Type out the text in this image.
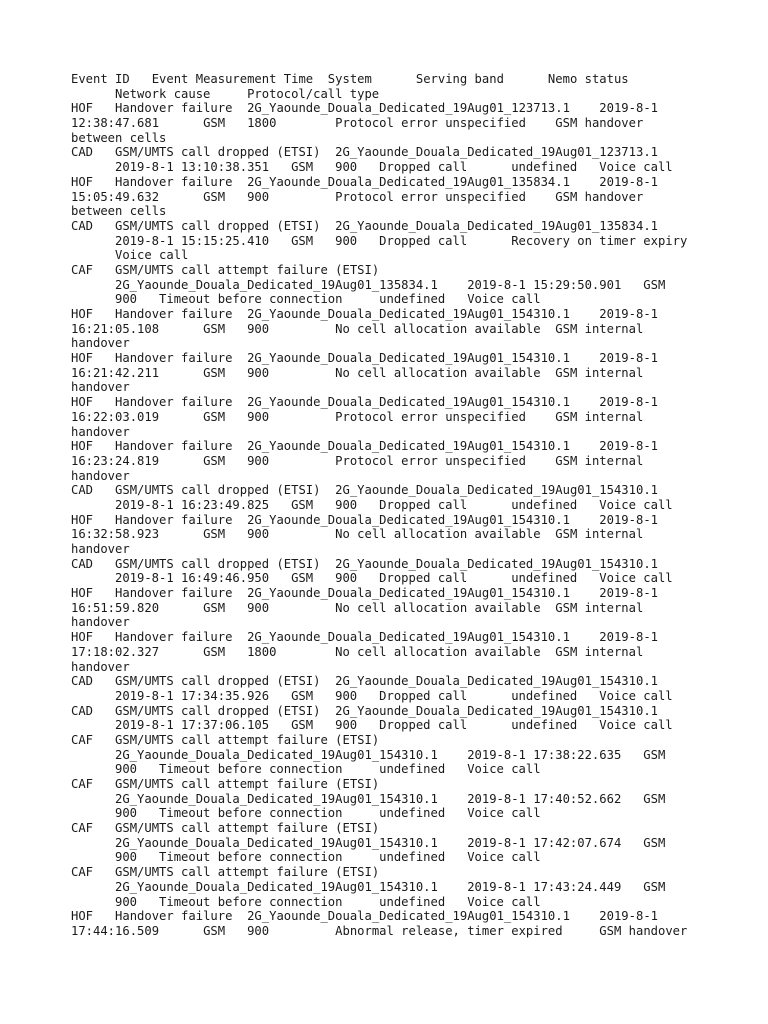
Event ID   Event Measurement Time  System      Serving band      Nemo status
Network cause     Protocol/call type
HOF   Handover failure  2G_Yaounde_Douala_Dedicated_19Aug01_123713.1    2019-8-1
12:38:47.681      GSM   1800        Protocol error unspecified    GSM handover
between cells
CAD   GSM/UMTS call dropped (ETSI)  2G_Yaounde_Douala_Dedicated_19Aug01_123713.1
2019-8-1 13:10:38.351   GSM   900   Dropped call      undefined   Voice call
HOF   Handover failure  2G_Yaounde_Douala_Dedicated_19Aug01_135834.1    2019-8-1
15:05:49.632      GSM   900         Protocol error unspecified    GSM handover
between cells
CAD   GSM/UMTS call dropped (ETSI)  2G_Yaounde_Douala_Dedicated_19Aug01_135834.1
2019-8-1 15:15:25.410   GSM   900   Dropped call      Recovery on timer expiry
Voice call
CAF   GSM/UMTS call attempt failure (ETSI)
2G_Yaounde_Douala_Dedicated_19Aug01_135834.1    2019-8-1 15:29:50.901   GSM
900   Timeout before connection     undefined   Voice call
HOF   Handover failure  2G_Yaounde_Douala_Dedicated_19Aug01_154310.1    2019-8-1
16:21:05.108      GSM   900         No cell allocation available  GSM internal
handover
HOF   Handover failure  2G_Yaounde_Douala_Dedicated_19Aug01_154310.1    2019-8-1
16:21:42.211      GSM   900         No cell allocation available  GSM internal
handover
HOF   Handover failure  2G_Yaounde_Douala_Dedicated_19Aug01_154310.1    2019-8-1
16:22:03.019      GSM   900         Protocol error unspecified    GSM internal
handover
HOF   Handover failure  2G_Yaounde_Douala_Dedicated_19Aug01_154310.1    2019-8-1
16:23:24.819      GSM   900         Protocol error unspecified    GSM internal
handover
CAD   GSM/UMTS call dropped (ETSI)  2G_Yaounde_Douala_Dedicated_19Aug01_154310.1
2019-8-1 16:23:49.825   GSM   900   Dropped call      undefined   Voice call
HOF   Handover failure  2G_Yaounde_Douala_Dedicated_19Aug01_154310.1    2019-8-1
16:32:58.923      GSM   900         No cell allocation available  GSM internal
handover
CAD   GSM/UMTS call dropped (ETSI)  2G_Yaounde_Douala_Dedicated_19Aug01_154310.1
2019-8-1 16:49:46.950   GSM   900   Dropped call      undefined   Voice call
HOF   Handover failure  2G_Yaounde_Douala_Dedicated_19Aug01_154310.1    2019-8-1
16:51:59.820      GSM   900         No cell allocation available  GSM internal
handover
HOF   Handover failure  2G_Yaounde_Douala_Dedicated_19Aug01_154310.1    2019-8-1
17:18:02.327      GSM   1800        No cell allocation available  GSM internal
handover
CAD   GSM/UMTS call dropped (ETSI)  2G_Yaounde_Douala_Dedicated_19Aug01_154310.1
2019-8-1 17:34:35.926   GSM   900   Dropped call      undefined   Voice call
CAD   GSM/UMTS call dropped (ETSI)  2G_Yaounde_Douala_Dedicated_19Aug01_154310.1
2019-8-1 17:37:06.105   GSM   900   Dropped call      undefined   Voice call
CAF   GSM/UMTS call attempt failure (ETSI)
2G_Yaounde_Douala_Dedicated_19Aug01_154310.1    2019-8-1 17:38:22.635   GSM
900   Timeout before connection     undefined   Voice call
CAF   GSM/UMTS call attempt failure (ETSI)
2G_Yaounde_Douala_Dedicated_19Aug01_154310.1    2019-8-1 17:40:52.662   GSM
900   Timeout before connection     undefined   Voice call
CAF   GSM/UMTS call attempt failure (ETSI)
2G_Yaounde_Douala_Dedicated_19Aug01_154310.1    2019-8-1 17:42:07.674   GSM
900   Timeout before connection     undefined   Voice call
CAF   GSM/UMTS call attempt failure (ETSI)
2G_Yaounde_Douala_Dedicated_19Aug01_154310.1    2019-8-1 17:43:24.449   GSM
900   Timeout before connection     undefined   Voice call
HOF   Handover failure  2G_Yaounde_Douala_Dedicated_19Aug01_154310.1    2019-8-1
17:44:16.509      GSM   900         Abnormal release, timer expired     GSM handover
